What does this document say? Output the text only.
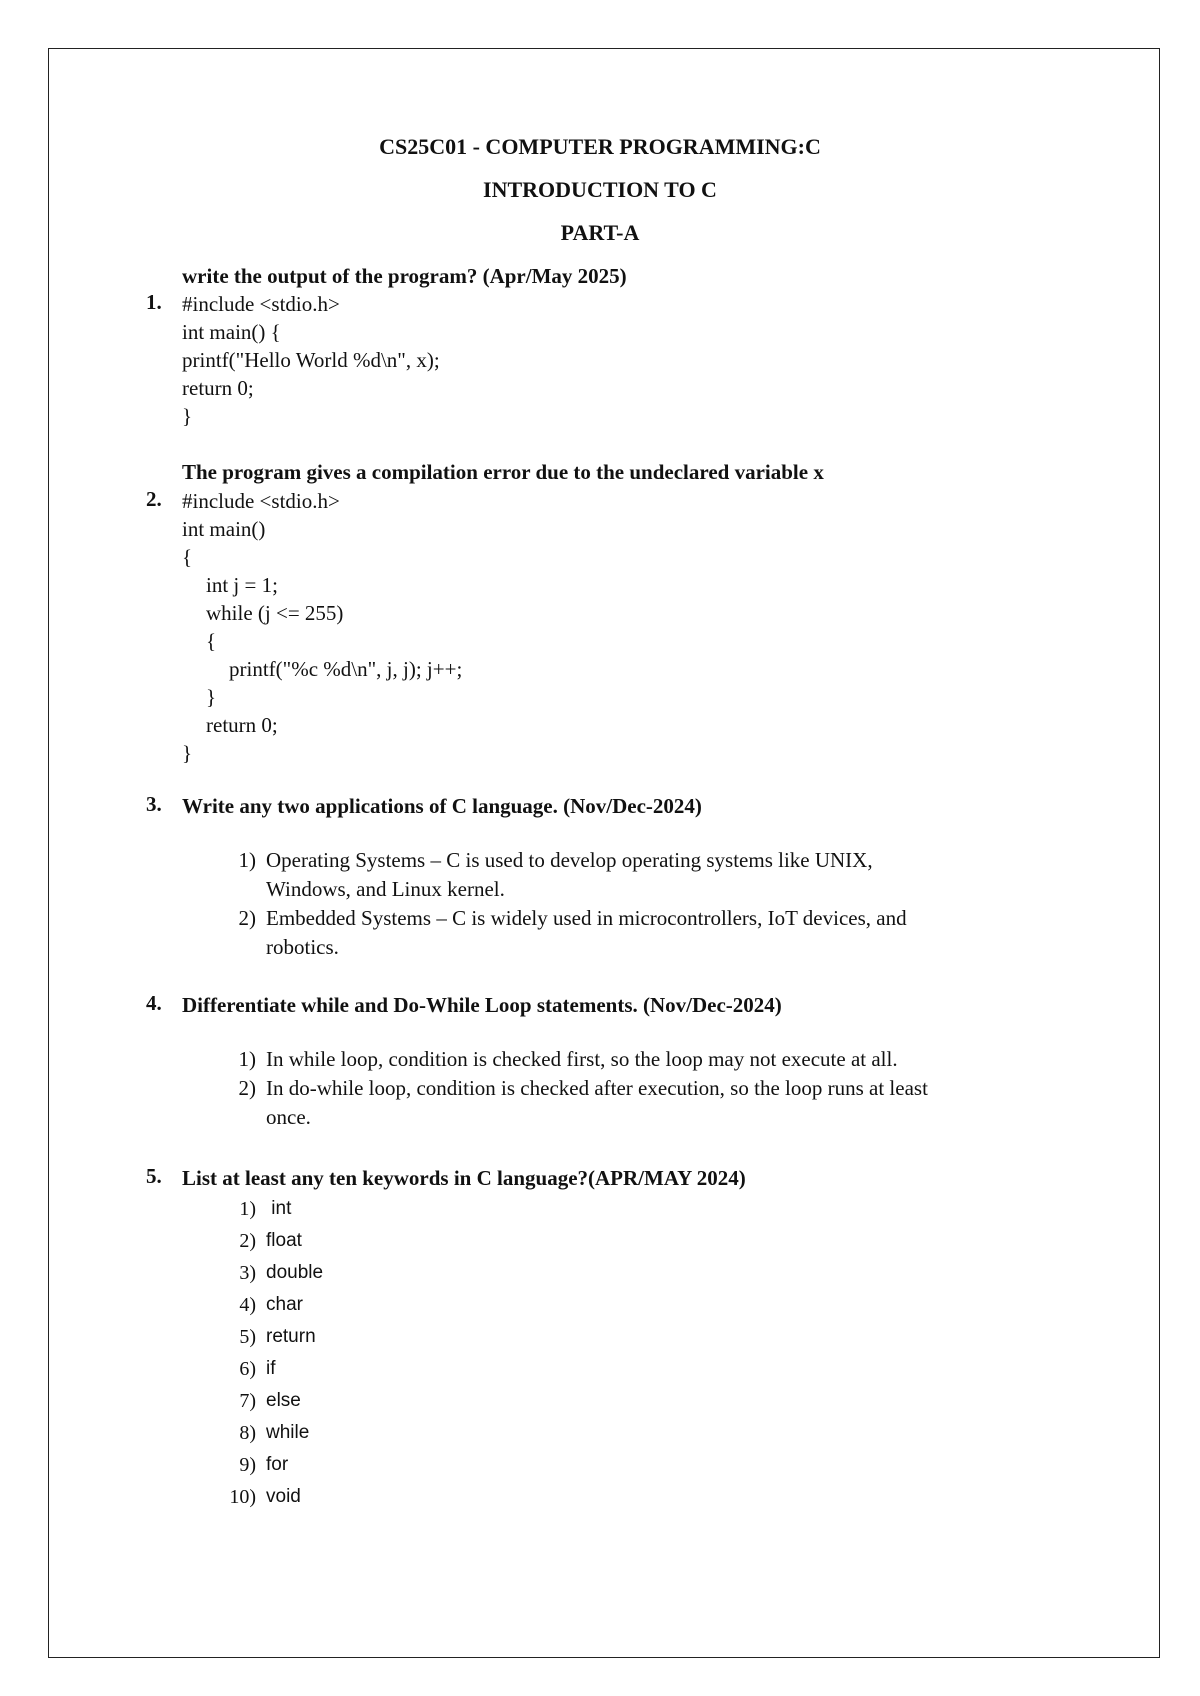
CS25C01 - COMPUTER PROGRAMMING:C
INTRODUCTION TO C
PART-A
write the output of the program? (Apr/May 2025)
1. #include <stdio.h>
int main() {
printf("Hello World %d\n", x);
return 0;
}
The program gives a compilation error due to the undeclared variable x
2. #include <stdio.h>
int main()
{
int j = 1;
while (j <= 255)
{
printf("%c %d\n", j, j); j++;
}
return 0;
}
3. Write any two applications of C language. (Nov/Dec-2024)
1) Operating Systems – C is used to develop operating systems like UNIX,
Windows, and Linux kernel.
2) Embedded Systems – C is widely used in microcontrollers, IoT devices, and
robotics.
4. Differentiate while and Do-While Loop statements. (Nov/Dec-2024)
1) In while loop, condition is checked first, so the loop may not execute at all.
2) In do-while loop, condition is checked after execution, so the loop runs at least
once.
5. List at least any ten keywords in C language?(APR/MAY 2024)
1) int
2) float
3) double
4) char
5) return
6) if
7) else
8) while
9) for
10) void
